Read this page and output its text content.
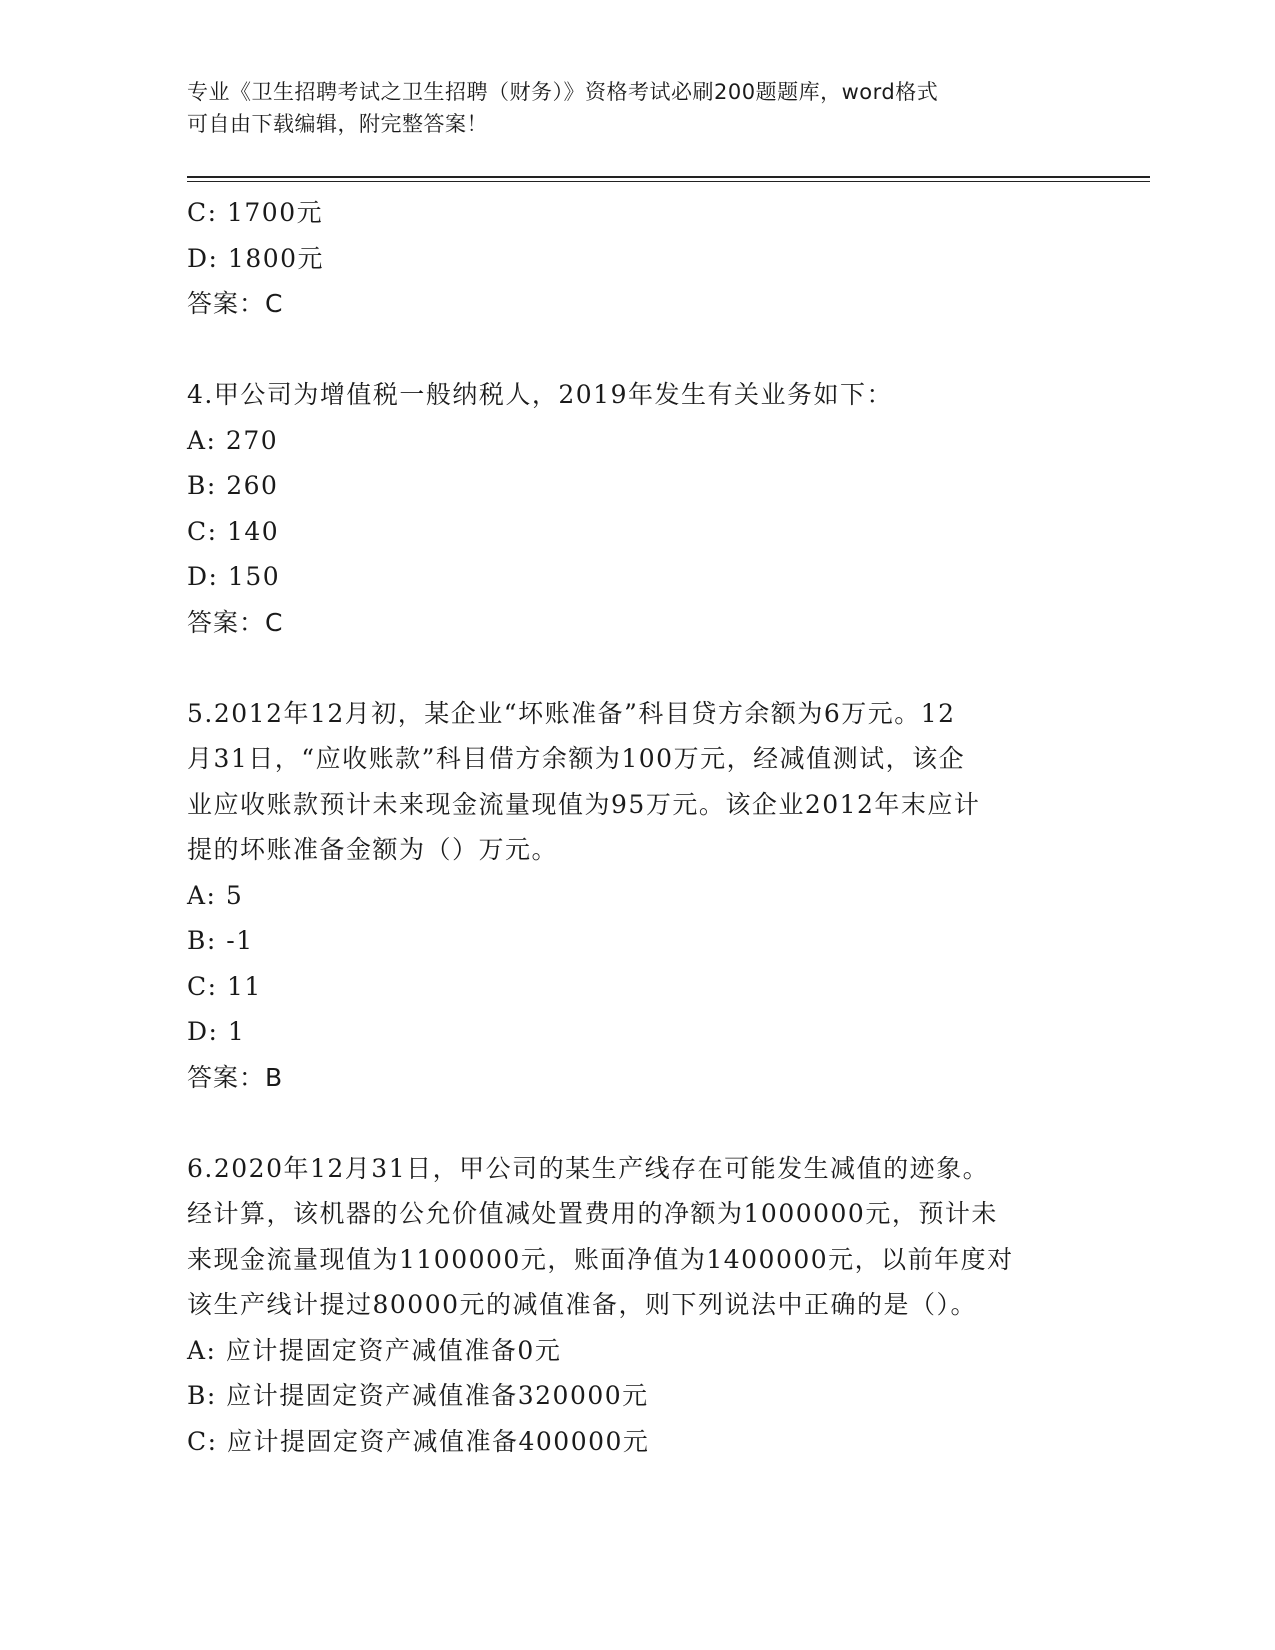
专业《卫生招聘考试之卫生招聘（财务）》资格考试必刷200题题库，word格式
可自由下载编辑，附完整答案！
C: 1700元
D: 1800元
答案：C
4.甲公司为增值税一般纳税人，2019年发生有关业务如下：
A: 270
B: 260
C: 140
D: 150
答案：C
5.2012年12月初，某企业“坏账准备”科目贷方余额为6万元。12
月31日，“应收账款”科目借方余额为100万元，经减值测试，该企
业应收账款预计未来现金流量现值为95万元。该企业2012年末应计
提的坏账准备金额为（）万元。
A: 5
B: -1
C: 11
D: 1
答案：B
6.2020年12月31日，甲公司的某生产线存在可能发生减值的迹象。
经计算，该机器的公允价值减处置费用的净额为1000000元，预计未
来现金流量现值为1100000元，账面净值为1400000元，以前年度对
该生产线计提过80000元的减值准备，则下列说法中正确的是（）。
A: 应计提固定资产减值准备0元
B: 应计提固定资产减值准备320000元
C: 应计提固定资产减值准备400000元
